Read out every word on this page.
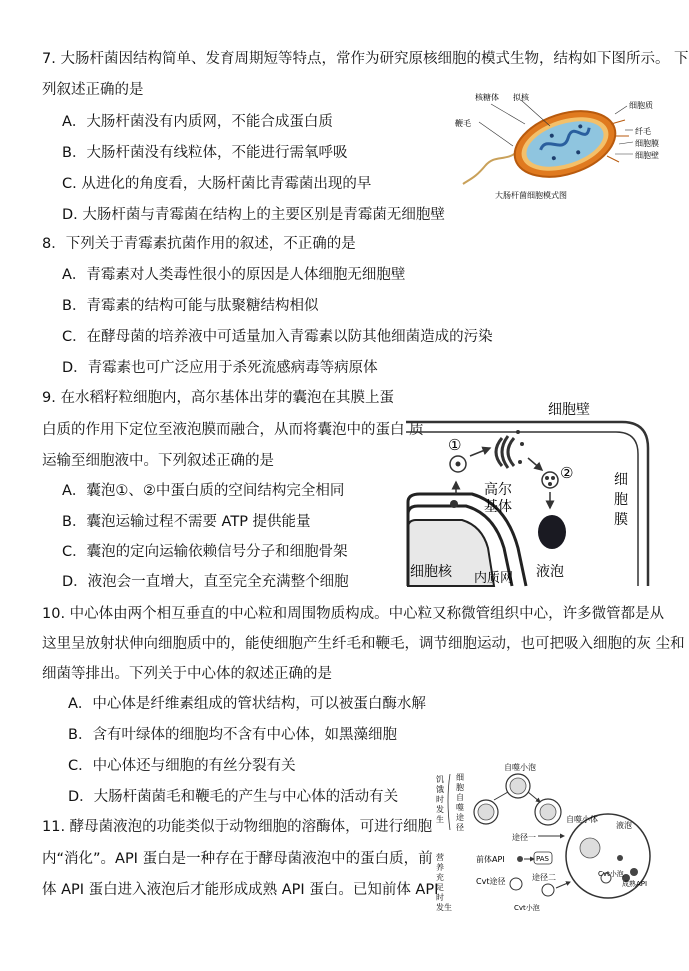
7. 大肠杆菌因结构简单、发育周期短等特点，常作为研究原核细胞的模式生物，结构如下图所示。 下
列叙述正确的是
A．大肠杆菌没有内质网，不能合成蛋白质
B．大肠杆菌没有线粒体，不能进行需氧呼吸
C. 从进化的角度看，大肠杆菌比青霉菌出现的早
D. 大肠杆菌与青霉菌在结构上的主要区别是青霉菌无细胞壁
核糖体 拟核
细胞质
鞭毛
纤毛
细胞膜
细胞壁
大肠杆菌细胞模式图
8．下列关于青霉素抗菌作用的叙述，不正确的是
A．青霉素对人类毒性很小的原因是人体细胞无细胞壁
B．青霉素的结构可能与肽聚糖结构相似
C．在酵母菌的培养液中可适量加入青霉素以防其他细菌造成的污染
D．青霉素也可广泛应用于杀死流感病毒等病原体
9. 在水稻籽粒细胞内，高尔基体出芽的囊泡在其膜上蛋
白质的作用下定位至液泡膜而融合，从而将囊泡中的蛋白 质
运输至细胞液中。下列叙述正确的是
A．囊泡①、②中蛋白质的空间结构完全相同
B．囊泡运输过程不需要 ATP 提供能量
C．囊泡的定向运输依赖信号分子和细胞骨架
D．液泡会一直增大，直至完全充满整个细胞
细胞壁
细
胞
膜
细胞核 内质网
①
高尔
基体
②
液泡
10. 中心体由两个相互垂直的中心粒和周围物质构成。中心粒又称微管组织中心，许多微管都是从
这里呈放射状伸向细胞质中的，能使细胞产生纤毛和鞭毛，调节细胞运动，也可把吸入细胞的灰 尘和
细菌等排出。下列关于中心体的叙述正确的是
A．中心体是纤维素组成的管状结构，可以被蛋白酶水解
B．含有叶绿体的细胞均不含有中心体，如黑藻细胞
C．中心体还与细胞的有丝分裂有关
D．大肠杆菌菌毛和鞭毛的产生与中心体的活动有关
11. 酵母菌液泡的功能类似于动物细胞的溶酶体，可进行细胞
内“消化”。API 蛋白是一种存在于酵母菌液泡中的蛋白质，前
体 API 蛋白进入液泡后才能形成成熟 API 蛋白。已知前体 API
饥饿时发生
细胞自噬途径
营养充足时发生
自噬小泡
途径一
液泡
自噬小体
Cvt小泡
成熟API
PAS
前体API
Cvt途径	途径二
Cvt小泡
